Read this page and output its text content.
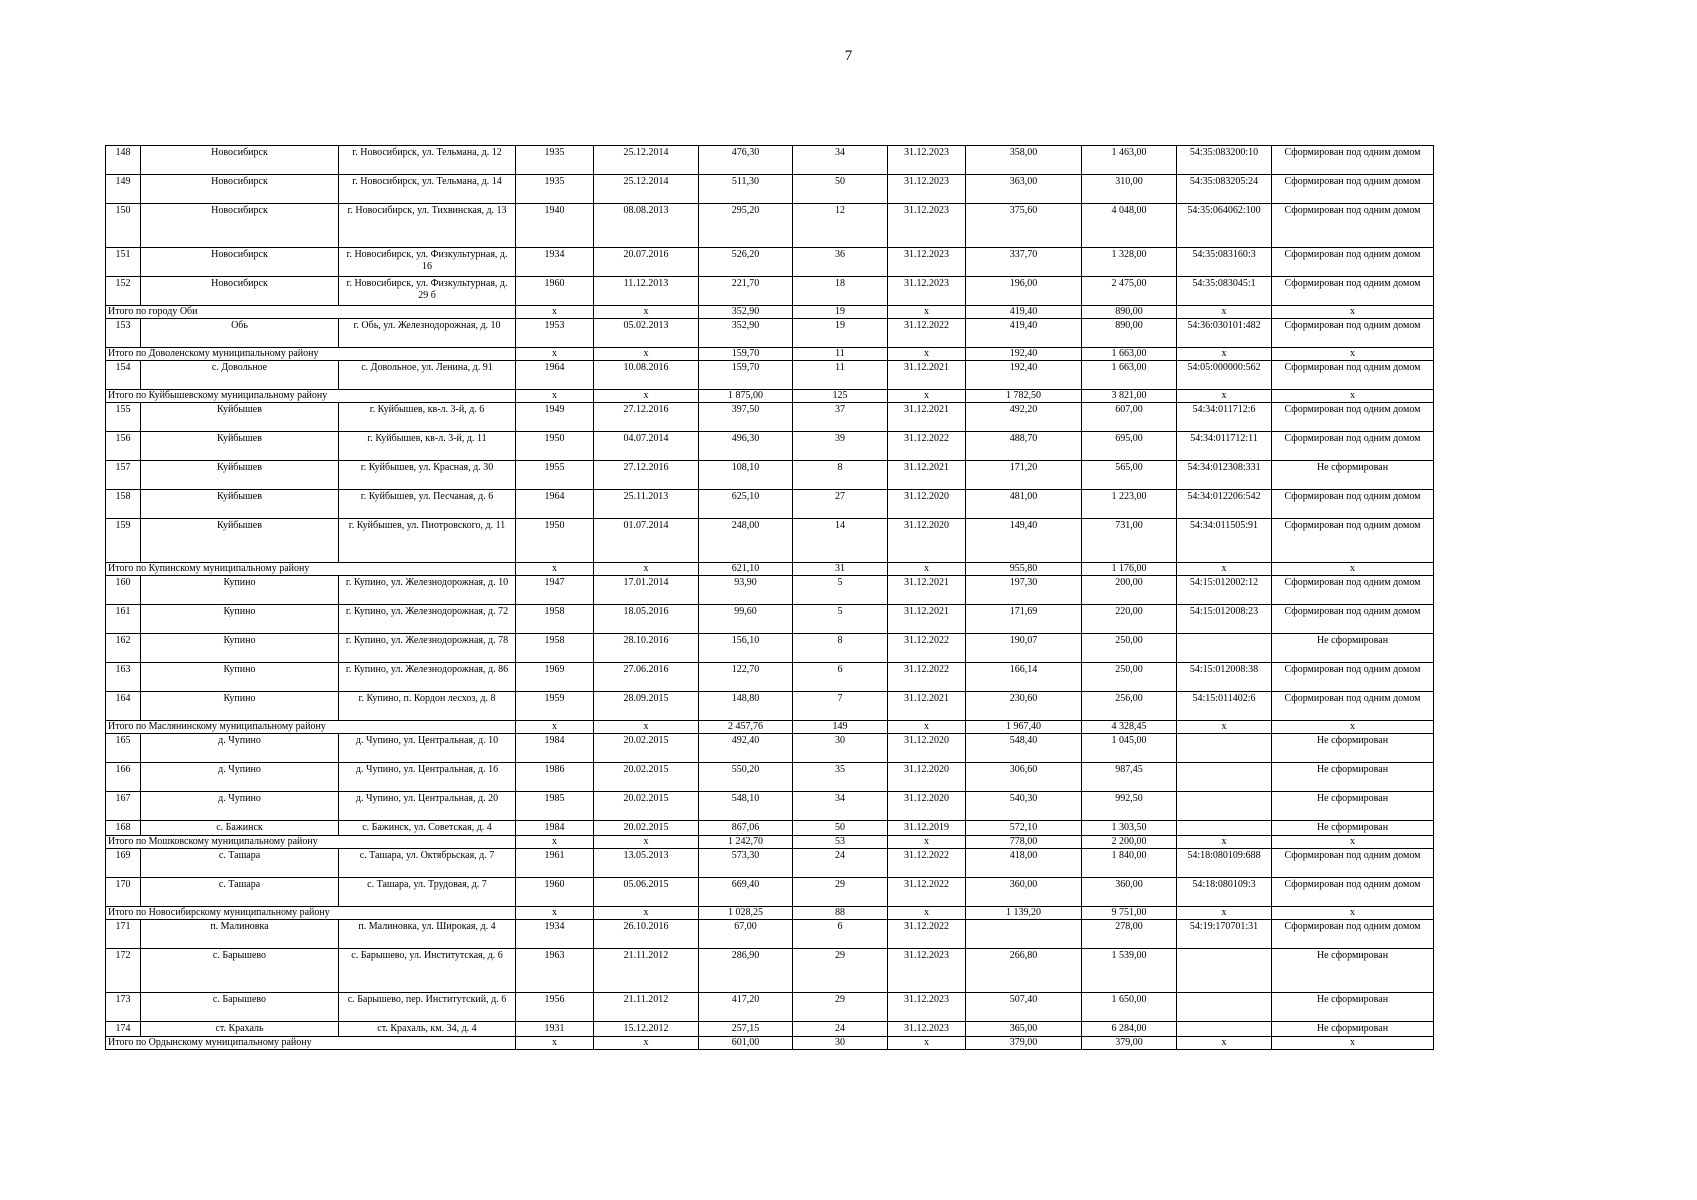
7
148	Новосибирск	г. Новосибирск, ул. Тельмана, д. 12	1935	25.12.2014	476,30	34	31.12.2023	358,00	1 463,00	54:35:083200:10	Сформирован под одним домом
149	Новосибирск	г. Новосибирск, ул. Тельмана, д. 14	1935	25.12.2014	511,30	50	31.12.2023	363,00	310,00	54:35:083205:24	Сформирован под одним домом
150	Новосибирск	г. Новосибирск, ул. Тихвинская, д. 13	1940	08.08.2013	295,20	12	31.12.2023	375,60	4 048,00	54:35:064062:100	Сформирован под одним домом
151	Новосибирск	г. Новосибирск, ул. Физкультурная, д. 16	1934	20.07.2016	526,20	36	31.12.2023	337,70	1 328,00	54:35:083160:3	Сформирован под одним домом
152	Новосибирск	г. Новосибирск, ул. Физкультурная, д. 29 б	1960	11.12.2013	221,70	18	31.12.2023	196,00	2 475,00	54:35:083045:1	Сформирован под одним домом
Итого по городу Оби			х	х	352,90	19	х	419,40	890,00	х	х
153	Обь	г. Обь, ул. Железнодорожная, д. 10	1953	05.02.2013	352,90	19	31.12.2022	419,40	890,00	54:36:030101:482	Сформирован под одним домом
Итого по Доволенскому муниципальному району			х	х	159,70	11	х	192,40	1 663,00	х	х
154	с. Довольное	с. Довольное, ул. Ленина, д. 91	1964	10.08.2016	159,70	11	31.12.2021	192,40	1 663,00	54:05:000000:562	Сформирован под одним домом
Итого по Куйбышевскому муниципальному району			х	х	1 875,00	125	х	1 782,50	3 821,00	х	х
155	Куйбышев	г. Куйбышев, кв-л. 3-й, д. 6	1949	27.12.2016	397,50	37	31.12.2021	492,20	607,00	54:34:011712:6	Сформирован под одним домом
156	Куйбышев	г. Куйбышев, кв-л. 3-й, д. 11	1950	04.07.2014	496,30	39	31.12.2022	488,70	695,00	54:34:011712:11	Сформирован под одним домом
157	Куйбышев	г. Куйбышев, ул. Красная, д. 30	1955	27.12.2016	108,10	8	31.12.2021	171,20	565,00	54:34:012308:331	Не сформирован
158	Куйбышев	г. Куйбышев, ул. Песчаная, д. 6	1964	25.11.2013	625,10	27	31.12.2020	481,00	1 223,00	54:34:012206:542	Сформирован под одним домом
159	Куйбышев	г. Куйбышев, ул. Пиотровского, д. 11	1950	01.07.2014	248,00	14	31.12.2020	149,40	731,00	54:34:011505:91	Сформирован под одним домом
Итого по Купинскому муниципальному району			х	х	621,10	31	х	955,80	1 176,00	х	х
160	Купино	г. Купино, ул. Железнодорожная, д. 10	1947	17.01.2014	93,90	5	31.12.2021	197,30	200,00	54:15:012002:12	Сформирован под одним домом
161	Купино	г. Купино, ул. Железнодорожная, д. 72	1958	18.05.2016	99,60	5	31.12.2021	171,69	220,00	54:15:012008:23	Сформирован под одним домом
162	Купино	г. Купино, ул. Железнодорожная, д. 78	1958	28.10.2016	156,10	8	31.12.2022	190,07	250,00		Не сформирован
163	Купино	г. Купино, ул. Железнодорожная, д. 86	1969	27.06.2016	122,70	6	31.12.2022	166,14	250,00	54:15:012008:38	Сформирован под одним домом
164	Купино	г. Купино, п. Кордон лесхоз, д. 8	1959	28.09.2015	148,80	7	31.12.2021	230,60	256,00	54:15:011402:6	Сформирован под одним домом
Итого по Маслянинскому муниципальному району			х	х	2 457,76	149	х	1 967,40	4 328,45	х	х
165	д. Чупино	д. Чупино, ул. Центральная, д. 10	1984	20.02.2015	492,40	30	31.12.2020	548,40	1 045,00		Не сформирован
166	д. Чупино	д. Чупино, ул. Центральная, д. 16	1986	20.02.2015	550,20	35	31.12.2020	306,60	987,45		Не сформирован
167	д. Чупино	д. Чупино, ул. Центральная, д. 20	1985	20.02.2015	548,10	34	31.12.2020	540,30	992,50		Не сформирован
168	с. Бажинск	с. Бажинск, ул. Советская, д. 4	1984	20.02.2015	867,06	50	31.12.2019	572,10	1 303,50		Не сформирован
Итого по Мошковскому муниципальному району			х	х	1 242,70	53	х	778,00	2 200,00	х	х
169	с. Ташара	с. Ташара, ул. Октябрьская, д. 7	1961	13.05.2013	573,30	24	31.12.2022	418,00	1 840,00	54:18:080109:688	Сформирован под одним домом
170	с. Ташара	с. Ташара, ул. Трудовая, д. 7	1960	05.06.2015	669,40	29	31.12.2022	360,00	360,00	54:18:080109:3	Сформирован под одним домом
Итого по Новосибирскому муниципальному району			х	х	1 028,25	88	х	1 139,20	9 751,00	х	х
171	п. Малиновка	п. Малиновка, ул. Широкая, д. 4	1934	26.10.2016	67,00	6	31.12.2022		278,00	54:19:170701:31	Сформирован под одним домом
172	с. Барышево	с. Барышево, ул. Институтская, д. 6	1963	21.11.2012	286,90	29	31.12.2023	266,80	1 539,00		Не сформирован
173	с. Барышево	с. Барышево, пер. Институтский, д. 6	1956	21.11.2012	417,20	29	31.12.2023	507,40	1 650,00		Не сформирован
174	ст. Крахаль	ст. Крахаль, км. 34, д. 4	1931	15.12.2012	257,15	24	31.12.2023	365,00	6 284,00		Не сформирован
Итого по Ордынскому муниципальному району			х	х	601,00	30	х	379,00	379,00	х	х
